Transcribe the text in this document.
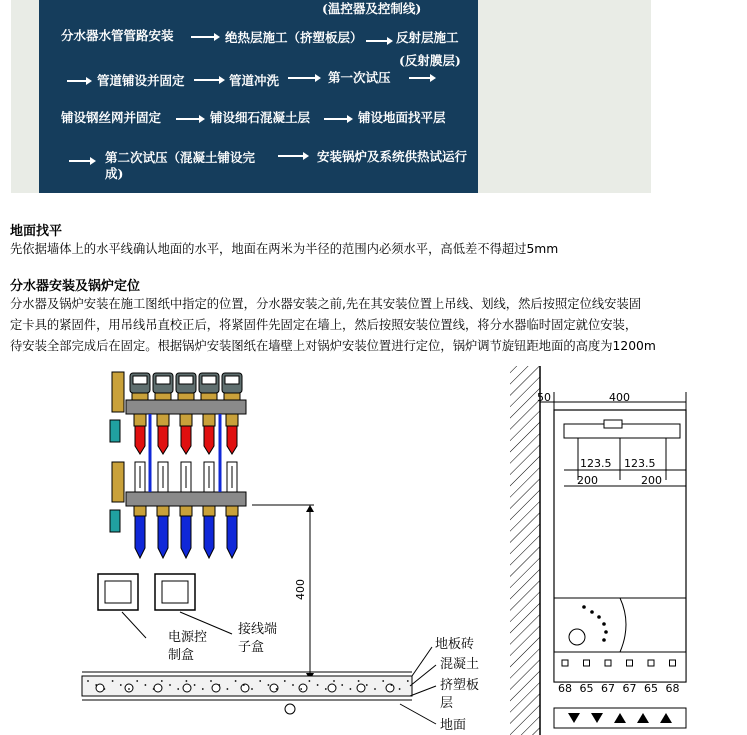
(温控器及控制线)
分水器水管管路安装	绝热层施工（挤塑板层）	反射层施工
(反射膜层)
管道铺设并固定	管道冲洗	第一次试压
铺设钢丝网并固定	铺设细石混凝土层	铺设地面找平层
第二次试压（混凝土铺设完
成)
安装锅炉及系统供热试运行
地面找平

先依据墙体上的水平线确认地面的水平，地面在两米为半径的范围内必须水平，高低差不得超过5mm

分水器安装及锅炉定位

分水器及锅炉安装在施工图纸中指定的位置，分水器安装之前,先在其安装位置上吊线、划线，然后按照定位线安装固

定卡具的紧固件，用吊线吊直校正后，将紧固件先固定在墙上，然后按照安装位置线，将分水器临时固定就位安装，

待安装全部完成后在固定。根据锅炉安装图纸在墙壁上对锅炉安装位置进行定位，锅炉调节旋钮距地面的高度为1200m

电源控
制盒
接线端
子盒
400
地板砖
混凝土
挤塑板
层
地面
50	400
123.5 123.5
200	200
68 65 67 67 65 68
